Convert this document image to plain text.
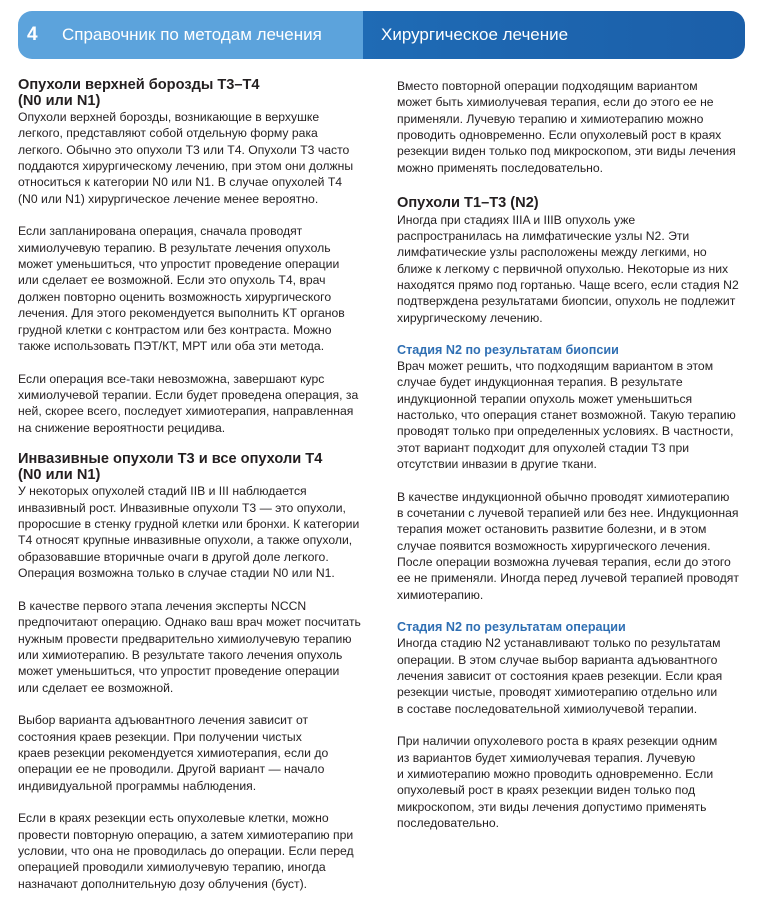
4	Справочник по методам лечения	Хирургическое лечение
Опухоли верхней борозды T3–T4
(N0 или N1)

Опухоли верхней борозды, возникающие в верхушке
легкого, представляют собой отдельную форму рака
легкого. Обычно это опухоли T3 или T4. Опухоли T3 часто
поддаются хирургическому лечению, при этом они должны
относиться к категории N0 или N1. В случае опухолей T4
(N0 или N1) хирургическое лечение менее вероятно.

Если запланирована операция, сначала проводят
химиолучевую терапию. В результате лечения опухоль
может уменьшиться, что упростит проведение операции
или сделает ее возможной. Если это опухоль T4, врач
должен повторно оценить возможность хирургического
лечения. Для этого рекомендуется выполнить КТ органов
грудной клетки с контрастом или без контраста. Можно
также использовать ПЭТ/КТ, МРТ или оба эти метода.

Если операция все-таки невозможна, завершают курс
химиолучевой терапии. Если будет проведена операция, за
ней, скорее всего, последует химиотерапия, направленная
на снижение вероятности рецидива.

Инвазивные опухоли T3 и все опухоли T4
(N0 или N1)

У некоторых опухолей стадий IIB и III наблюдается
инвазивный рост. Инвазивные опухоли T3 — это опухоли,
проросшие в стенку грудной клетки или бронхи. К категории
T4 относят крупные инвазивные опухоли, а также опухоли,
образовавшие вторичные очаги в другой доле легкого.
Операция возможна только в случае стадии N0 или N1.

В качестве первого этапа лечения эксперты NCCN
предпочитают операцию. Однако ваш врач может посчитать
нужным провести предварительно химиолучевую терапию
или химиотерапию. В результате такого лечения опухоль
может уменьшиться, что упростит проведение операции
или сделает ее возможной.

Выбор варианта адъювантного лечения зависит от
состояния краев резекции. При получении чистых
краев резекции рекомендуется химиотерапия, если до
операции ее не проводили. Другой вариант — начало
индивидуальной программы наблюдения.

Если в краях резекции есть опухолевые клетки, можно
провести повторную операцию, а затем химиотерапию при
условии, что она не проводилась до операции. Если перед
операцией проводили химиолучевую терапию, иногда
назначают дополнительную дозу облучения (буст).

Вместо повторной операции подходящим вариантом
может быть химиолучевая терапия, если до этого ее не
применяли. Лучевую терапию и химиотерапию можно
проводить одновременно. Если опухолевый рост в краях
резекции виден только под микроскопом, эти виды лечения
можно применять последовательно.

Опухоли T1–T3 (N2)

Иногда при стадиях IIIA и IIIB опухоль уже
распространилась на лимфатические узлы N2. Эти
лимфатические узлы расположены между легкими, но
ближе к легкому с первичной опухолью. Некоторые из них
находятся прямо под гортанью. Чаще всего, если стадия N2
подтверждена результатами биопсии, опухоль не подлежит
хирургическому лечению.

Стадия N2 по результатам биопсии

Врач может решить, что подходящим вариантом в этом
случае будет индукционная терапия. В результате
индукционной терапии опухоль может уменьшиться
настолько, что операция станет возможной. Такую терапию
проводят только при определенных условиях. В частности,
этот вариант подходит для опухолей стадии T3 при
отсутствии инвазии в другие ткани.

В качестве индукционной обычно проводят химиотерапию
в сочетании с лучевой терапией или без нее. Индукционная
терапия может остановить развитие болезни, и в этом
случае появится возможность хирургического лечения.
После операции возможна лучевая терапия, если до этого
ее не применяли. Иногда перед лучевой терапией проводят
химиотерапию.

Стадия N2 по результатам операции

Иногда стадию N2 устанавливают только по результатам
операции. В этом случае выбор варианта адъювантного
лечения зависит от состояния краев резекции. Если края
резекции чистые, проводят химиотерапию отдельно или
в составе последовательной химиолучевой терапии.

При наличии опухолевого роста в краях резекции одним
из вариантов будет химиолучевая терапия. Лучевую
и химиотерапию можно проводить одновременно. Если
опухолевый рост в краях резекции виден только под
микроскопом, эти виды лечения допустимо применять
последовательно.
